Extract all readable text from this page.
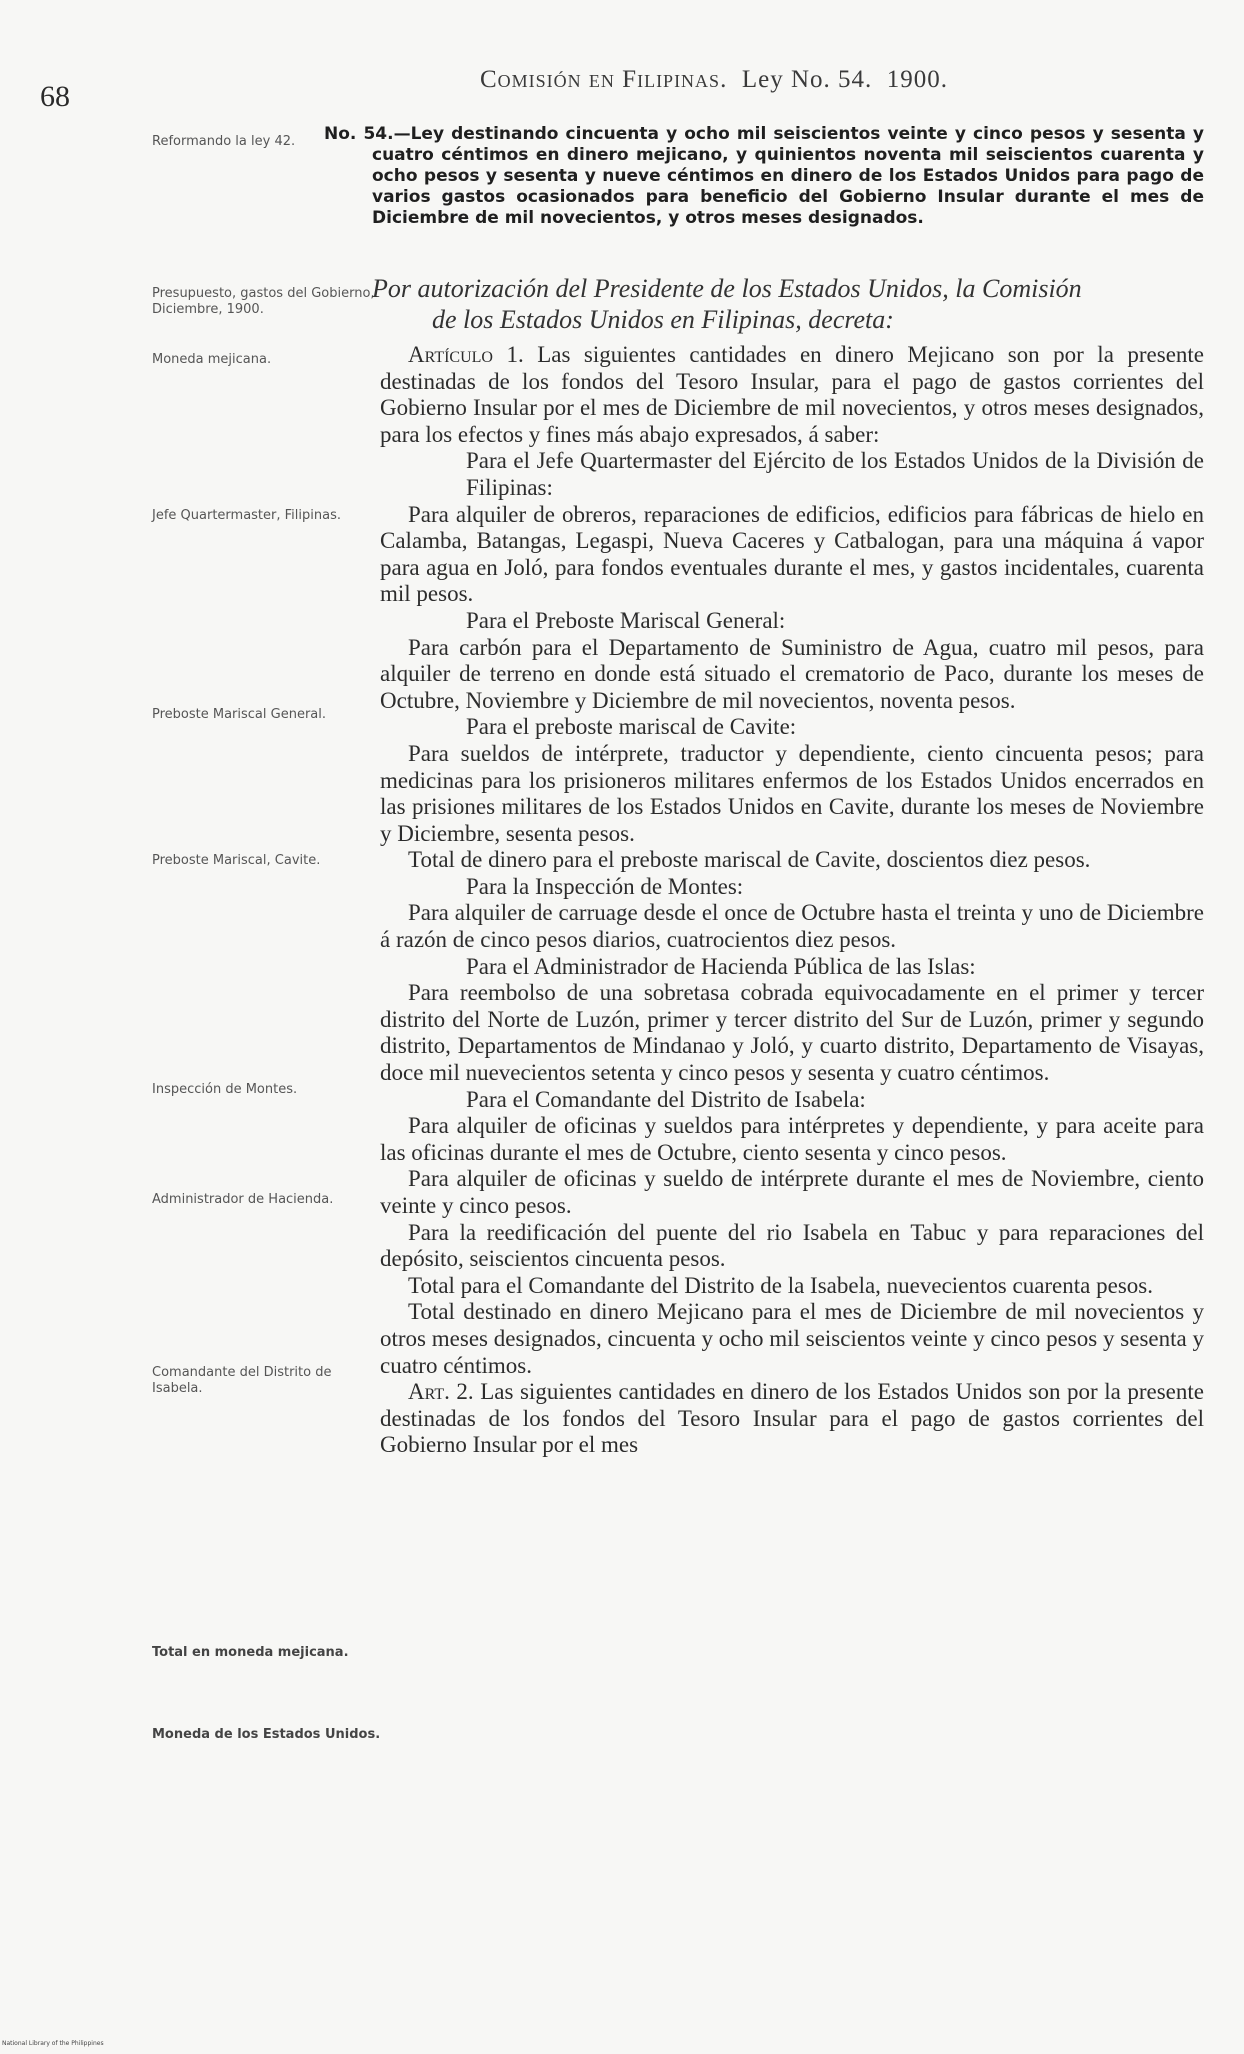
68
Comisión en Filipinas. Ley No. 54. 1900.
Reformando la ley 42.
Presupuesto, gastos del Gobierno, Diciembre, 1900.
Moneda mejicana.
Jefe Quartermaster, Filipinas.
Preboste Mariscal General.
Preboste Mariscal, Cavite.
Inspección de Montes.
Administrador de Hacienda.
Comandante del Distrito de Isabela.
Total en moneda mejicana.
Moneda de los Estados Unidos.
No. 54.—Ley destinando cincuenta y ocho mil seiscientos veinte y cinco pesos y sesenta y cuatro céntimos en dinero mejicano, y quinientos noventa mil seiscientos cuarenta y ocho pesos y sesenta y nueve céntimos en dinero de los Estados Unidos para pago de varios gastos ocasionados para beneficio del Gobierno Insular durante el mes de Diciembre de mil novecientos, y otros meses designados.
Por autorización del Presidente de los Estados Unidos, la Comisión
de los Estados Unidos en Filipinas, decreta:

Artículo 1. Las siguientes cantidades en dinero Mejicano son por la presente destinadas de los fondos del Tesoro Insular, para el pago de gastos corrientes del Gobierno Insular por el mes de Diciembre de mil novecientos, y otros meses designados, para los efectos y fines más abajo expresados, á saber:

Para el Jefe Quartermaster del Ejército de los Estados Unidos de la División de Filipinas:

Para alquiler de obreros, reparaciones de edificios, edificios para fábricas de hielo en Calamba, Batangas, Legaspi, Nueva Caceres y Catbalogan, para una máquina á vapor para agua en Joló, para fondos eventuales durante el mes, y gastos incidentales, cuarenta mil pesos.

Para el Preboste Mariscal General:

Para carbón para el Departamento de Suministro de Agua, cuatro mil pesos, para alquiler de terreno en donde está situado el crematorio de Paco, durante los meses de Octubre, Noviembre y Diciembre de mil novecientos, noventa pesos.

Para el preboste mariscal de Cavite:

Para sueldos de intérprete, traductor y dependiente, ciento cincuenta pesos; para medicinas para los prisioneros militares enfermos de los Estados Unidos encerrados en las prisiones militares de los Estados Unidos en Cavite, durante los meses de Noviembre y Diciembre, sesenta pesos.

Total de dinero para el preboste mariscal de Cavite, doscientos diez pesos.

Para la Inspección de Montes:

Para alquiler de carruage desde el once de Octubre hasta el treinta y uno de Diciembre á razón de cinco pesos diarios, cuatrocientos diez pesos.

Para el Administrador de Hacienda Pública de las Islas:

Para reembolso de una sobretasa cobrada equivocadamente en el primer y tercer distrito del Norte de Luzón, primer y tercer distrito del Sur de Luzón, primer y segundo distrito, Departamentos de Mindanao y Joló, y cuarto distrito, Departamento de Visayas, doce mil nuevecientos setenta y cinco pesos y sesenta y cuatro céntimos.

Para el Comandante del Distrito de Isabela:

Para alquiler de oficinas y sueldos para intérpretes y dependiente, y para aceite para las oficinas durante el mes de Octubre, ciento sesenta y cinco pesos.

Para alquiler de oficinas y sueldo de intérprete durante el mes de Noviembre, ciento veinte y cinco pesos.

Para la reedificación del puente del rio Isabela en Tabuc y para reparaciones del depósito, seiscientos cincuenta pesos.

Total para el Comandante del Distrito de la Isabela, nuevecientos cuarenta pesos.

Total destinado en dinero Mejicano para el mes de Diciembre de mil novecientos y otros meses designados, cincuenta y ocho mil seiscientos veinte y cinco pesos y sesenta y cuatro céntimos.

Art. 2. Las siguientes cantidades en dinero de los Estados Unidos son por la presente destinadas de los fondos del Tesoro Insular para el pago de gastos corrientes del Gobierno Insular por el mes

National Library of the Philippines
